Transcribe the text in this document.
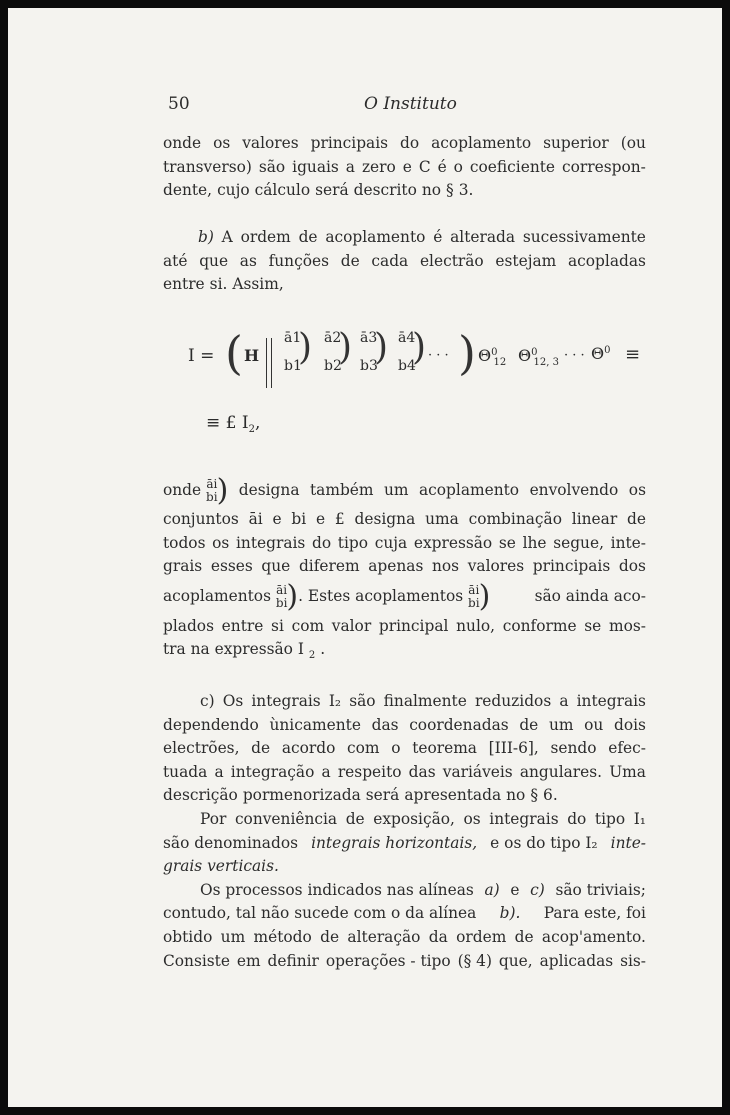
50	O Instituto
onde os valores principais do acoplamento superior (ou
transverso) são iguais a zero e C é o coeficiente correspon-
dente, cujo cálculo será descrito no § 3.
b) A ordem de acoplamento é alterada sucessivamente
até que as funções de cada electrão estejam acopladas
entre si. Assim,
I = ( H
ā1
b1
) ā2
b2
) ā3
b3
) ā4
b4
) · · · ) $\Theta^0_{12}$ $\Theta^0_{12, 3}$ · · · $\Theta^0$ ≡
≡ £ $I_2$,
onde āi
bi ) designa também um acoplamento envolvendo os
conjuntos āi e bi e £ designa uma combinação linear de
todos os integrais do tipo cuja expressão se lhe segue, inte-
grais esses que diferem apenas nos valores principais dos
acoplamentos āi
bi ). Estes acoplamentos āi
bi )	são ainda aco-
plados entre si com valor principal nulo, conforme se mos-
tra na expressão I $_2$ .
c) Os integrais I₂ são finalmente reduzidos a integrais
dependendo ùnicamente das coordenadas de um ou dois
electrões, de acordo com o teorema [III-6], sendo efec-
tuada a integração a respeito das variáveis angulares. Uma
descrição pormenorizada será apresentada no § 6.
Por conveniência de exposição, os integrais do tipo I₁
são denominados integrais horizontais, e os do tipo I₂ inte-
grais verticais.
Os processos indicados nas alíneas a) e c) são triviais;
contudo, tal não sucede com o da alínea b). Para este, foi
obtido um método de alteração da ordem de acop'amento.
Consiste em definir operações - tipo (§ 4) que, aplicadas sis-
